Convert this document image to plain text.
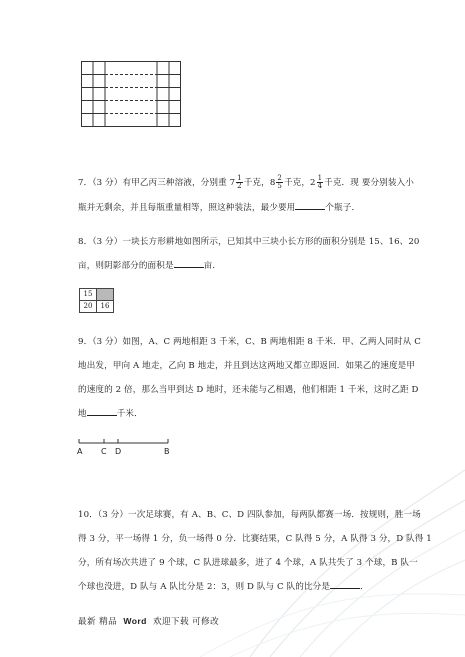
7．（3 分）有甲乙丙三种溶液，分别重 $7 \frac{1}{2}$ 千克，$8 \frac{2}{5}$ 千克，$2 \frac{1}{4}$ 千克．现 要分别装入小
瓶并无剩余，并且每瓶重量相等，照这种装法，最少要用	个瓶子．
8．（3 分）一块长方形耕地如图所示，已知其中三块小长方形的面积分别是 15、16、20
亩，则阴影部分的面积是	亩．
15	
20	16
9．（3 分）如图，A、C 两地相距 3 千米，C、B 两地相距 8 千米．甲、乙两人同时从 C
地出发，甲向 A 地走，乙向 B 地走，并且到达这两地又都立即返回．如果乙的速度是甲
的速度的 2 倍，那么当甲到达 D 地时，还未能与乙相遇，他们相距 1 千米，这时乙距 D
地	千米．
A C D	B
10．（3 分）一次足球赛，有 A、B、C、D 四队参加，每两队都赛一场．按规则，胜一场
得 3 分，平一场得 1 分，负一场得 0 分．比赛结果，C 队得 5 分，A 队得 3 分，D 队得 1
分，所有场次共进了 9 个球，C 队进球最多，进了 4 个球，A 队共失了 3 个球，B 队一
个球也没进，D 队与 A 队比分是 2：3，则 D 队与 C 队的比分是	．
最新 精品 Word 欢迎下载 可修改
